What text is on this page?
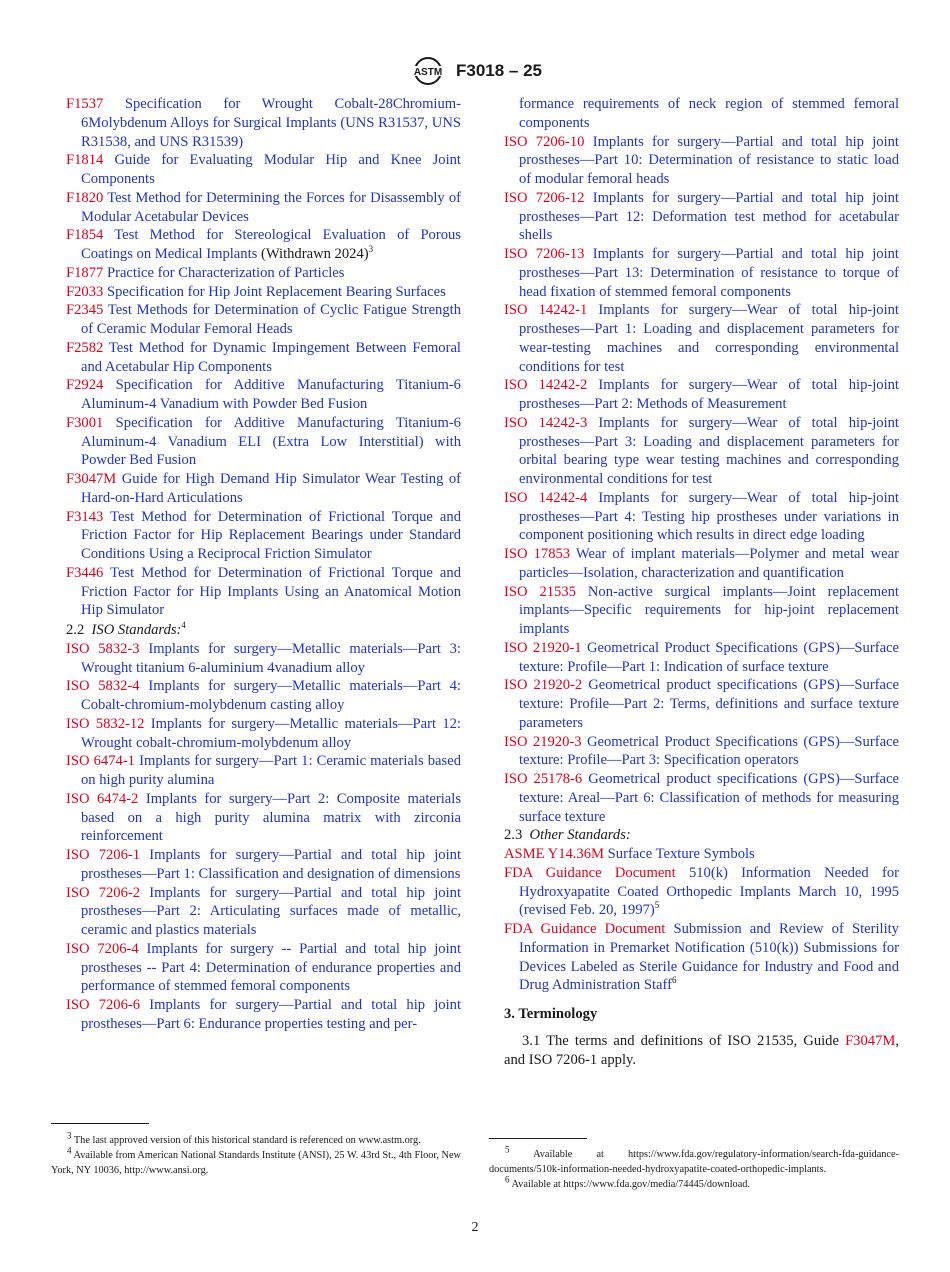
ASTM F3018 – 25

F1537 Specification for Wrought Cobalt-28Chromium-6Molybdenum Alloys for Surgical Implants (UNS R31537, UNS R31538, and UNS R31539)

F1814 Guide for Evaluating Modular Hip and Knee Joint Components

F1820 Test Method for Determining the Forces for Disassembly of Modular Acetabular Devices

F1854 Test Method for Stereological Evaluation of Porous Coatings on Medical Implants (Withdrawn 2024)$^3$

F1877 Practice for Characterization of Particles

F2033 Specification for Hip Joint Replacement Bearing Surfaces

F2345 Test Methods for Determination of Cyclic Fatigue Strength of Ceramic Modular Femoral Heads

F2582 Test Method for Dynamic Impingement Between Femoral and Acetabular Hip Components

F2924 Specification for Additive Manufacturing Titanium-6 Aluminum-4 Vanadium with Powder Bed Fusion

F3001 Specification for Additive Manufacturing Titanium-6 Aluminum-4 Vanadium ELI (Extra Low Interstitial) with Powder Bed Fusion

F3047M Guide for High Demand Hip Simulator Wear Testing of Hard-on-Hard Articulations

F3143 Test Method for Determination of Frictional Torque and Friction Factor for Hip Replacement Bearings under Standard Conditions Using a Reciprocal Friction Simulator

F3446 Test Method for Determination of Frictional Torque and Friction Factor for Hip Implants Using an Anatomical Motion Hip Simulator

2.2 ISO Standards:$^4$

ISO 5832-3 Implants for surgery—Metallic materials—Part 3: Wrought titanium 6-aluminium 4vanadium alloy

ISO 5832-4 Implants for surgery—Metallic materials—Part 4: Cobalt-chromium-molybdenum casting alloy

ISO 5832-12 Implants for surgery—Metallic materials—Part 12: Wrought cobalt-chromium-molybdenum alloy

ISO 6474-1 Implants for surgery—Part 1: Ceramic materials based on high purity alumina

ISO 6474-2 Implants for surgery—Part 2: Composite materials based on a high purity alumina matrix with zirconia reinforcement

ISO 7206-1 Implants for surgery—Partial and total hip joint prostheses—Part 1: Classification and designation of dimensions

ISO 7206-2 Implants for surgery—Partial and total hip joint prostheses—Part 2: Articulating surfaces made of metallic, ceramic and plastics materials

ISO 7206-4 Implants for surgery -- Partial and total hip joint prostheses -- Part 4: Determination of endurance properties and performance of stemmed femoral components

ISO 7206-6 Implants for surgery—Partial and total hip joint prostheses—Part 6: Endurance properties testing and per-

formance requirements of neck region of stemmed femoral components

ISO 7206-10 Implants for surgery—Partial and total hip joint prostheses—Part 10: Determination of resistance to static load of modular femoral heads

ISO 7206-12 Implants for surgery—Partial and total hip joint prostheses—Part 12: Deformation test method for acetabular shells

ISO 7206-13 Implants for surgery—Partial and total hip joint prostheses—Part 13: Determination of resistance to torque of head fixation of stemmed femoral components

ISO 14242-1 Implants for surgery—Wear of total hip-joint prostheses—Part 1: Loading and displacement parameters for wear-testing machines and corresponding environmental conditions for test

ISO 14242-2 Implants for surgery—Wear of total hip-joint prostheses—Part 2: Methods of Measurement

ISO 14242-3 Implants for surgery—Wear of total hip-joint prostheses—Part 3: Loading and displacement parameters for orbital bearing type wear testing machines and corresponding environmental conditions for test

ISO 14242-4 Implants for surgery—Wear of total hip-joint prostheses—Part 4: Testing hip prostheses under variations in component positioning which results in direct edge loading

ISO 17853 Wear of implant materials—Polymer and metal wear particles—Isolation, characterization and quantification

ISO 21535 Non-active surgical implants—Joint replacement implants—Specific requirements for hip-joint replacement implants

ISO 21920-1 Geometrical Product Specifications (GPS)—Surface texture: Profile—Part 1: Indication of surface texture

ISO 21920-2 Geometrical product specifications (GPS)—Surface texture: Profile—Part 2: Terms, definitions and surface texture parameters

ISO 21920-3 Geometrical Product Specifications (GPS)—Surface texture: Profile—Part 3: Specification operators

ISO 25178-6 Geometrical product specifications (GPS)—Surface texture: Areal—Part 6: Classification of methods for measuring surface texture

2.3 Other Standards:

ASME Y14.36M Surface Texture Symbols

FDA Guidance Document 510(k) Information Needed for Hydroxyapatite Coated Orthopedic Implants March 10, 1995 (revised Feb. 20, 1997)$^5$

FDA Guidance Document Submission and Review of Sterility Information in Premarket Notification (510(k)) Submissions for Devices Labeled as Sterile Guidance for Industry and Food and Drug Administration Staff$^6$

3. Terminology

3.1 The terms and definitions of ISO 21535, Guide F3047M, and ISO 7206-1 apply.

$^3$ The last approved version of this historical standard is referenced on www.astm.org.

$^4$ Available from American National Standards Institute (ANSI), 25 W. 43rd St., 4th Floor, New York, NY 10036, http://www.ansi.org.

$^5$ Available at https://www.fda.gov/regulatory-information/search-fda-guidance-documents/510k-information-needed-hydroxyapatite-coated-orthopedic-implants.

$^6$ Available at https://www.fda.gov/media/74445/download.

2
